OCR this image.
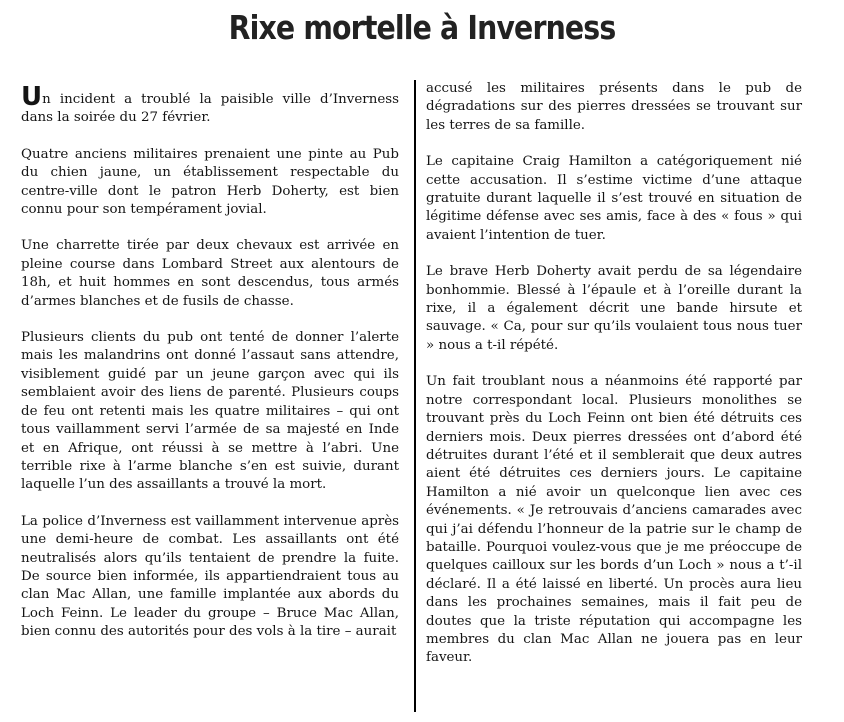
Rixe mortelle à Inverness

Un incident a troublé la paisible ville d’Inverness dans la soirée du 27 février.

Quatre anciens militaires prenaient une pinte au Pub du chien jaune, un établissement respectable du centre-ville dont le patron Herb Doherty, est bien connu pour son tempérament jovial.

Une charrette tirée par deux chevaux est arrivée en pleine course dans Lombard Street aux alentours de 18h, et huit hommes en sont descendus, tous armés d’armes blanches et de fusils de chasse.

Plusieurs clients du pub ont tenté de donner l’alerte mais les malandrins ont donné l’assaut sans attendre, visiblement guidé par un jeune garçon avec qui ils semblaient avoir des liens de parenté. Plusieurs coups de feu ont retenti mais les quatre militaires – qui ont tous vaillamment servi l’armée de sa majesté en Inde et en Afrique, ont réussi à se mettre à l’abri. Une terrible rixe à l’arme blanche s’en est suivie, durant laquelle l’un des assaillants a trouvé la mort.

La police d’Inverness est vaillamment intervenue après une demi-heure de combat. Les assaillants ont été neutralisés alors qu’ils tentaient de prendre la fuite. De source bien informée, ils appartiendraient tous au clan Mac Allan, une famille implantée aux abords du Loch Feinn. Le leader du groupe – Bruce Mac Allan, bien connu des autorités pour des vols à la tire – aurait

accusé les militaires présents dans le pub de dégradations sur des pierres dressées se trouvant sur les terres de sa famille.

Le capitaine Craig Hamilton a catégoriquement nié cette accusation. Il s’estime victime d’une attaque gratuite durant laquelle il s’est trouvé en situation de légitime défense avec ses amis, face à des « fous » qui avaient l’intention de tuer.

Le brave Herb Doherty avait perdu de sa légendaire bonhommie. Blessé à l’épaule et à l’oreille durant la rixe, il a également décrit une bande hirsute et sauvage. « Ca, pour sur qu’ils voulaient tous nous tuer » nous a t-il répété.

Un fait troublant nous a néanmoins été rapporté par notre correspondant local. Plusieurs monolithes se trouvant près du Loch Feinn ont bien été détruits ces derniers mois. Deux pierres dressées ont d’abord été détruites durant l’été et il semblerait que deux autres aient été détruites ces derniers jours. Le capitaine Hamilton a nié avoir un quelconque lien avec ces événements. « Je retrouvais d’anciens camarades avec qui j’ai défendu l’honneur de la patrie sur le champ de bataille. Pourquoi voulez-vous que je me préoccupe de quelques cailloux sur les bords d’un Loch » nous a t’-il déclaré. Il a été laissé en liberté. Un procès aura lieu dans les prochaines semaines, mais il fait peu de doutes que la triste réputation qui accompagne les membres du clan Mac Allan ne jouera pas en leur faveur.
